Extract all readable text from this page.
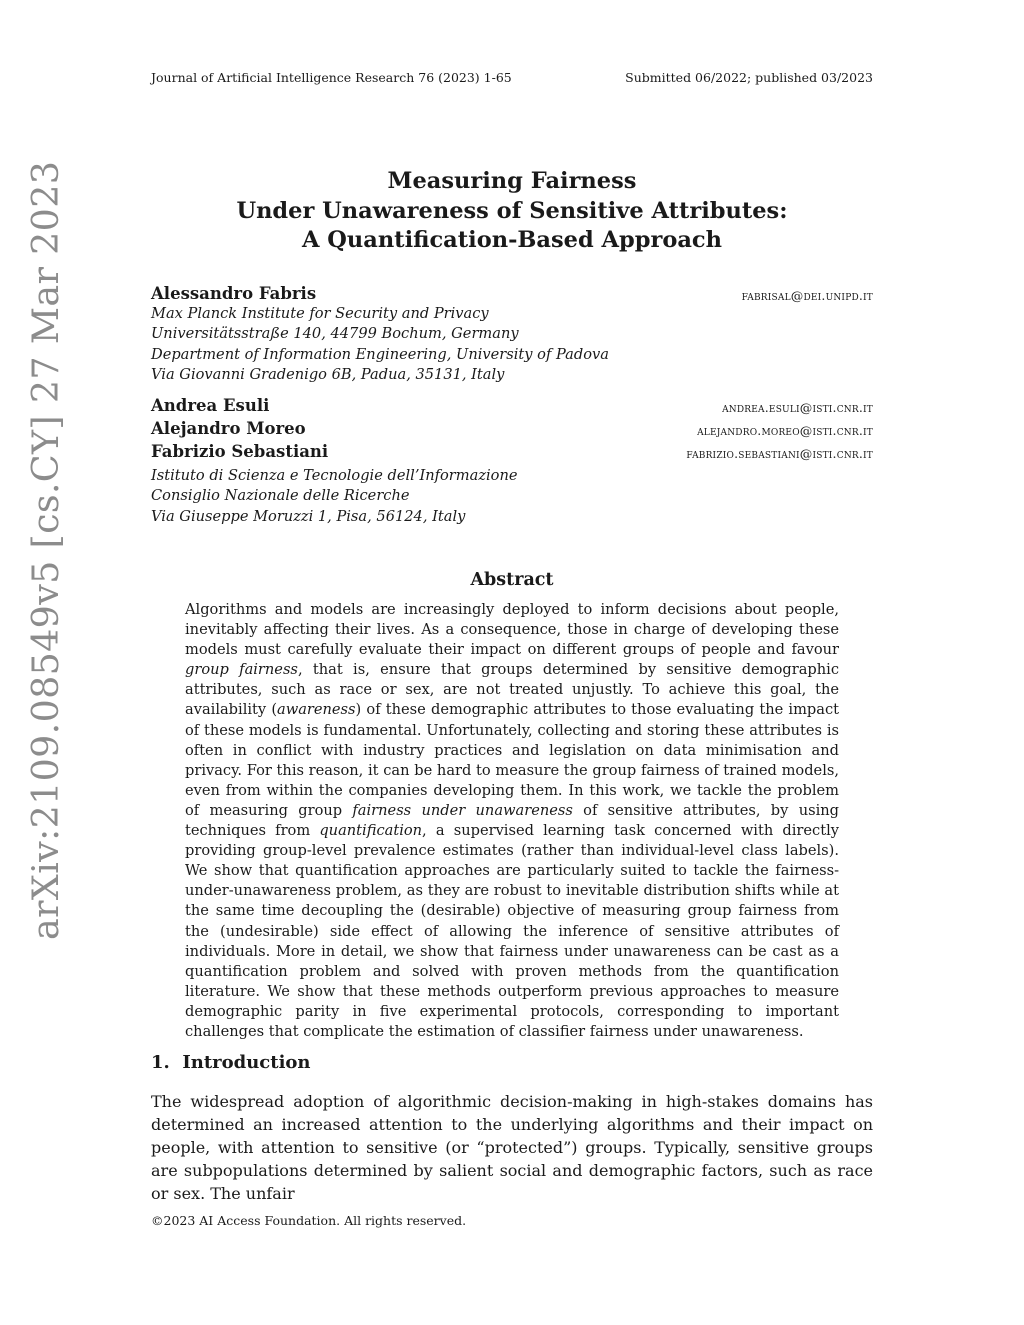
arXiv:2109.08549v5 [cs.CY] 27 Mar 2023
Journal of Artificial Intelligence Research 76 (2023) 1-65	Submitted 06/2022; published 03/2023
Measuring Fairness
Under Unawareness of Sensitive Attributes:
A Quantification-Based Approach
Alessandro Fabris	fabrisal@dei.unipd.it
Max Planck Institute for Security and Privacy
Universitätsstraße 140, 44799 Bochum, Germany
Department of Information Engineering, University of Padova
Via Giovanni Gradenigo 6B, Padua, 35131, Italy
Andrea Esuli	andrea.esuli@isti.cnr.it
Alejandro Moreo	alejandro.moreo@isti.cnr.it
Fabrizio Sebastiani	fabrizio.sebastiani@isti.cnr.it
Istituto di Scienza e Tecnologie dell’Informazione
Consiglio Nazionale delle Ricerche
Via Giuseppe Moruzzi 1, Pisa, 56124, Italy
Abstract
Algorithms and models are increasingly deployed to inform decisions about people, inevitably affecting their lives. As a consequence, those in charge of developing these models must carefully evaluate their impact on different groups of people and favour group fairness, that is, ensure that groups determined by sensitive demographic attributes, such as race or sex, are not treated unjustly. To achieve this goal, the availability (awareness) of these demographic attributes to those evaluating the impact of these models is fundamental. Unfortunately, collecting and storing these attributes is often in conflict with industry practices and legislation on data minimisation and privacy. For this reason, it can be hard to measure the group fairness of trained models, even from within the companies developing them. In this work, we tackle the problem of measuring group fairness under unawareness of sensitive attributes, by using techniques from quantification, a supervised learning task concerned with directly providing group-level prevalence estimates (rather than individual-level class labels). We show that quantification approaches are particularly suited to tackle the fairness-under-unawareness problem, as they are robust to inevitable distribution shifts while at the same time decoupling the (desirable) objective of measuring group fairness from the (undesirable) side effect of allowing the inference of sensitive attributes of individuals. More in detail, we show that fairness under unawareness can be cast as a quantification problem and solved with proven methods from the quantification literature. We show that these methods outperform previous approaches to measure demographic parity in five experimental protocols, corresponding to important challenges that complicate the estimation of classifier fairness under unawareness.
1.  Introduction
The widespread adoption of algorithmic decision-making in high-stakes domains has determined an increased attention to the underlying algorithms and their impact on people, with attention to sensitive (or “protected”) groups. Typically, sensitive groups are subpopulations determined by salient social and demographic factors, such as race or sex. The unfair
©2023 AI Access Foundation. All rights reserved.
